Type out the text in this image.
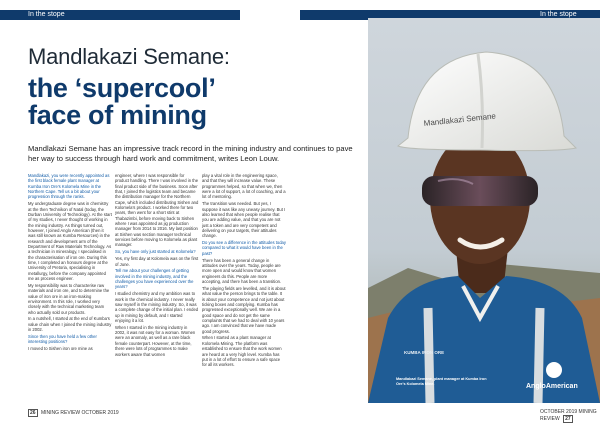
In the stope	In the stope
Mandlakazi Semane:
the ‘supercool’
face of mining
Mandlakazi Semane has an impressive track record in the mining industry and continues to pave her way to success through hard work and commitment, writes Leon Louw.

Mandlakazi, you were recently appointed as the first black female plant manager at Kumba Iron Ore’s Kolomela Mine in the Northern Cape. Tell us a bit about your progression through the ranks.

My undergraduate degree was in chemistry at the then Technikon of Natal (today, the Durban University of Technology). At the start of my studies, I never thought of working in the mining industry. As things turned out, however, I joined Anglo American (then it was still known as Kumba Resources) in the research and development arm of the Department of Raw Materials Technology. As a technician in mineralogy, I specialised in the characterisation of iron ore. During this time, I completed an honours degree at the University of Pretoria, specialising in metallurgy, before the company appointed me as process engineer.

My responsibility was to characterise raw materials and iron ore, and to determine the value of iron ore in an iron-making environment. In this role, I worked very closely with the technical marketing team who actually sold our products.

In a nutshell, I started at the end of Kumba’s value chain when I joined the mining industry in 2002.

Since then you have held a few other interesting positions?

I moved to Sishen iron ore mine as

engineer, where I was responsible for product handling. There I was involved in the final product side of the business. Soon after that, I joined the logistics team and became the distribution manager for the Northern Cape, which included distributing Sishen and Kolomela’s product. I worked there for two years, then went for a short stint at Thabazimbi, before moving back to Sishen where I was appointed as jig production manager from 2014 to 2016. My last position at Sishen was section manager technical services before moving to Kolomela as plant manager.

So, you have only just started at Kolomela?

Yes, my first day at Kolomela was on the first of June.

Tell me about your challenges of getting involved in the mining industry, and the challenges you have experienced over the years?

I studied chemistry and my ambition was to work in the chemical industry. I never really saw myself in the mining industry. So, it was a complete change of the initial plan. I ended up in mining by default, and I started enjoying it a lot.

When I started in the mining industry in 2002, it was not easy for a woman. Women were an anomaly, as well as a rare black female counterpart. However, at the time, there were lots of programmes to make workers aware that women

play a vital role in the engineering space, and that they will increase value. These programmes helped, so that when we, then were a lot of support, a lot of coaching, and a lot of mentoring.

The transition was needed. But yes, I suppose it was like any uneasy journey. But I also learned that when people realise that you are adding value, and that you are not just a token and are very competent and delivering on your targets, their attitudes change.

Do you see a difference in the attitudes today compared to what it would have been in the past?

There has been a general change in attitudes over the years. Today, people are more open and would know that women engineers do this. People are more accepting, and there has been a transition.

The playing fields are levelled, and it is about what value the person brings to the table. It is about your competence and not just about ticking boxes and complying. Kumba has progressed exceptionally well. We are in a good space and do not get the same complaints that we had to deal with 10 years ago. I am convinced that we have made good progress.

When I started as a plant manager at Kolomela Mining. The platform was established to ensure that the work women are heard at a very high level. Kumba has put in a lot of effort to ensure a safe space for all its workers.

Mandlakazi Semane
AngloAmerican
KUMBA IRON ORE
Mandlakazi Semane, plant manager at Kumba Iron Ore’s Kolomela Mine.
26 MINING REVIEW OCTOBER 2019	OCTOBER 2019 MINING REVIEW 27
